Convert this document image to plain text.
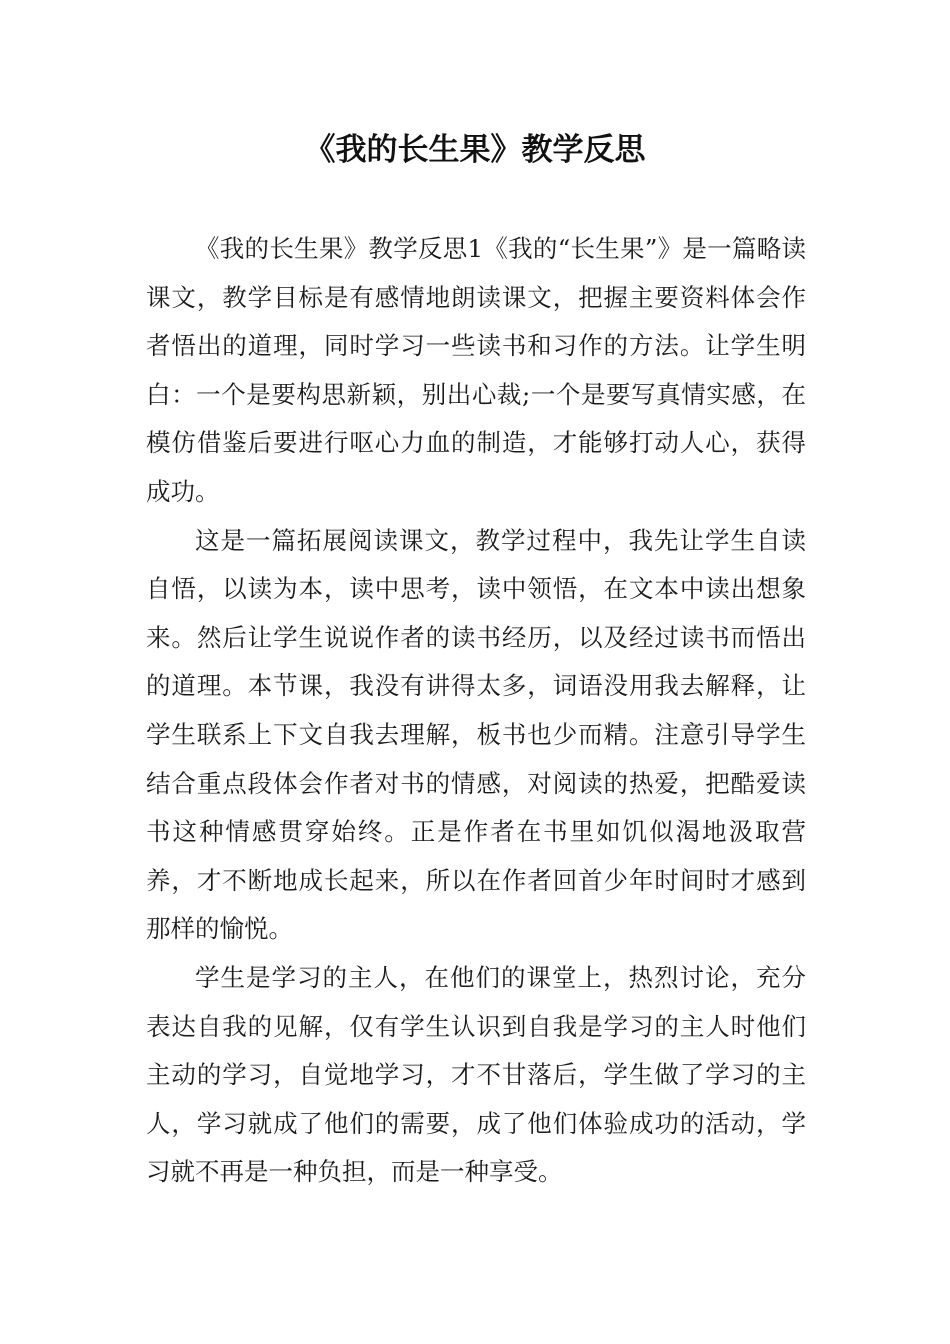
《我的长生果》教学反思

《我的长生果》教学反思1《我的“长生果”》是一篇略读课文，教学目标是有感情地朗读课文，把握主要资料体会作者悟出的道理，同时学习一些读书和习作的方法。让学生明白：一个是要构思新颖，别出心裁;一个是要写真情实感，在模仿借鉴后要进行呕心力血的制造，才能够打动人心，获得成功。

这是一篇拓展阅读课文，教学过程中，我先让学生自读自悟，以读为本，读中思考，读中领悟，在文本中读出想象来。然后让学生说说作者的读书经历，以及经过读书而悟出的道理。本节课，我没有讲得太多，词语没用我去解释，让学生联系上下文自我去理解，板书也少而精。注意引导学生结合重点段体会作者对书的情感，对阅读的热爱，把酷爱读书这种情感贯穿始终。正是作者在书里如饥似渴地汲取营养，才不断地成长起来，所以在作者回首少年时间时才感到那样的愉悦。

学生是学习的主人，在他们的课堂上，热烈讨论，充分表达自我的见解，仅有学生认识到自我是学习的主人时他们主动的学习，自觉地学习，才不甘落后，学生做了学习的主人，学习就成了他们的需要，成了他们体验成功的活动，学习就不再是一种负担，而是一种享受。
